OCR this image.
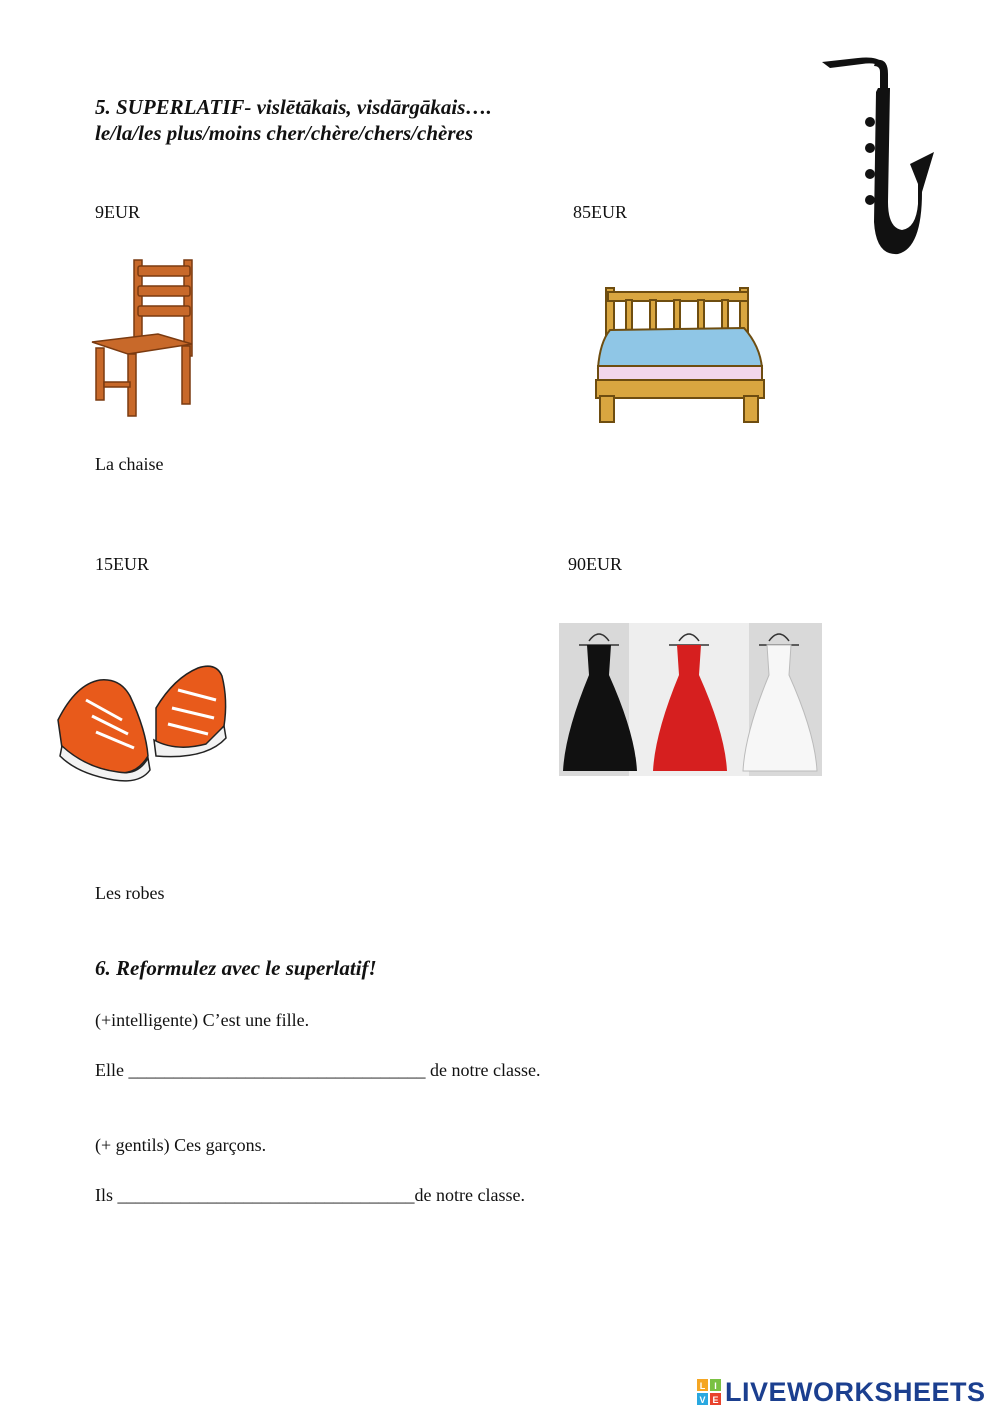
5. SUPERLATIF- vislētākais, visdārgākais….
le/la/les plus/moins cher/chère/chers/chères
9EUR	85EUR
La chaise
15EUR	90EUR
Les robes
6. Reformulez avec le superlatif!
(+intelligente) C’est une fille.
Elle _________________________________ de notre classe.
(+ gentils) Ces garçons.
Ils _________________________________de notre classe.
L I
V E LIVEWORKSHEETS
